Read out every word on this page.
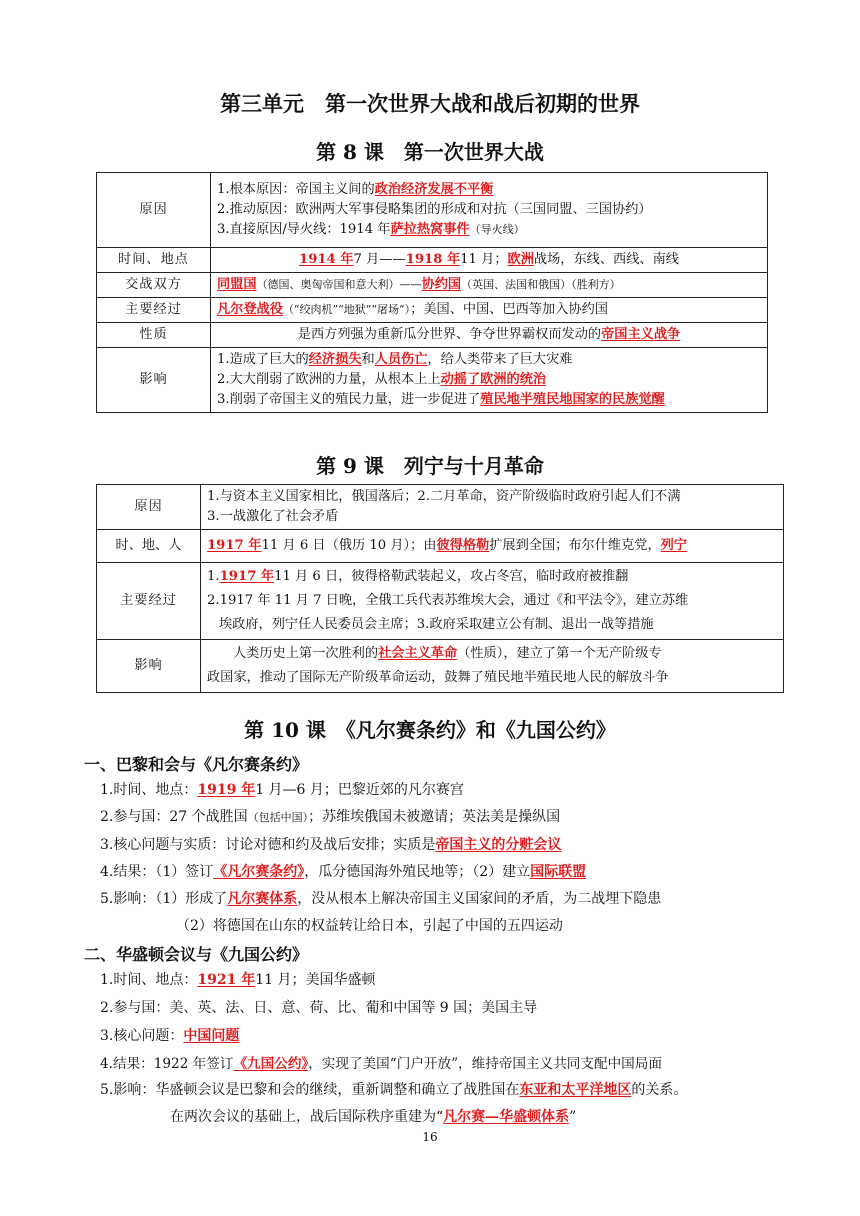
第三单元　第一次世界大战和战后初期的世界
第 8 课　第一次世界大战
原因	1.根本原因：帝国主义间的政治经济发展不平衡
2.推动原因：欧洲两大军事侵略集团的形成和对抗（三国同盟、三国协约）
3.直接原因/导火线：1914 年萨拉热窝事件（导火线）

时间、地点	1914 年7 月——1918 年11 月；欧洲战场，东线、西线、南线
交战双方	同盟国（德国、奥匈帝国和意大利）——协约国（英国、法国和俄国）（胜利方）
主要经过	凡尔登战役（“绞肉机”“地狱”“屠场”）；美国、中国、巴西等加入协约国
性质	是西方列强为重新瓜分世界、争夺世界霸权而发动的帝国主义战争
影响	1.造成了巨大的经济损失和人员伤亡，给人类带来了巨大灾难
2.大大削弱了欧洲的力量，从根本上上动摇了欧洲的统治
3.削弱了帝国主义的殖民力量，进一步促进了殖民地半殖民地国家的民族觉醒
第 9 课　列宁与十月革命
原因	1.与资本主义国家相比，俄国落后；2.二月革命，资产阶级临时政府引起人们不满
3.一战激化了社会矛盾

时、地、人	1917 年11 月 6 日（俄历 10 月）；由彼得格勒扩展到全国；布尔什维克党，列宁
主要经过	1.1917 年11 月 6 日，彼得格勒武装起义，攻占冬宫，临时政府被推翻
2.1917 年 11 月 7 日晚，全俄工兵代表苏维埃大会，通过《和平法令》，建立苏维
埃政府，列宁任人民委员会主席；3.政府采取建立公有制、退出一战等措施

影响	人类历史上第一次胜利的社会主义革命（性质），建立了第一个无产阶级专
政国家，推动了国际无产阶级革命运动，鼓舞了殖民地半殖民地人民的解放斗争
第 10 课　《凡尔赛条约》和《九国公约》
一、巴黎和会与《凡尔赛条约》
1.时间、地点：1919 年1 月—6 月；巴黎近郊的凡尔赛宫
2.参与国：27 个战胜国（包括中国）；苏维埃俄国未被邀请；英法美是操纵国
3.核心问题与实质：讨论对德和约及战后安排；实质是帝国主义的分赃会议
4.结果：（1）签订《凡尔赛条约》，瓜分德国海外殖民地等；（2）建立国际联盟
5.影响：（1）形成了凡尔赛体系，没从根本上解决帝国主义国家间的矛盾，为二战埋下隐患
（2）将德国在山东的权益转让给日本，引起了中国的五四运动
二、华盛顿会议与《九国公约》
1.时间、地点：1921 年11 月；美国华盛顿
2.参与国：美、英、法、日、意、荷、比、葡和中国等 9 国；美国主导
3.核心问题：中国问题
4.结果：1922 年签订《九国公约》，实现了美国“门户开放”，维持帝国主义共同支配中国局面
5.影响：华盛顿会议是巴黎和会的继续，重新调整和确立了战胜国在东亚和太平洋地区的关系。
在两次会议的基础上，战后国际秩序重建为“凡尔赛—华盛顿体系”
16
